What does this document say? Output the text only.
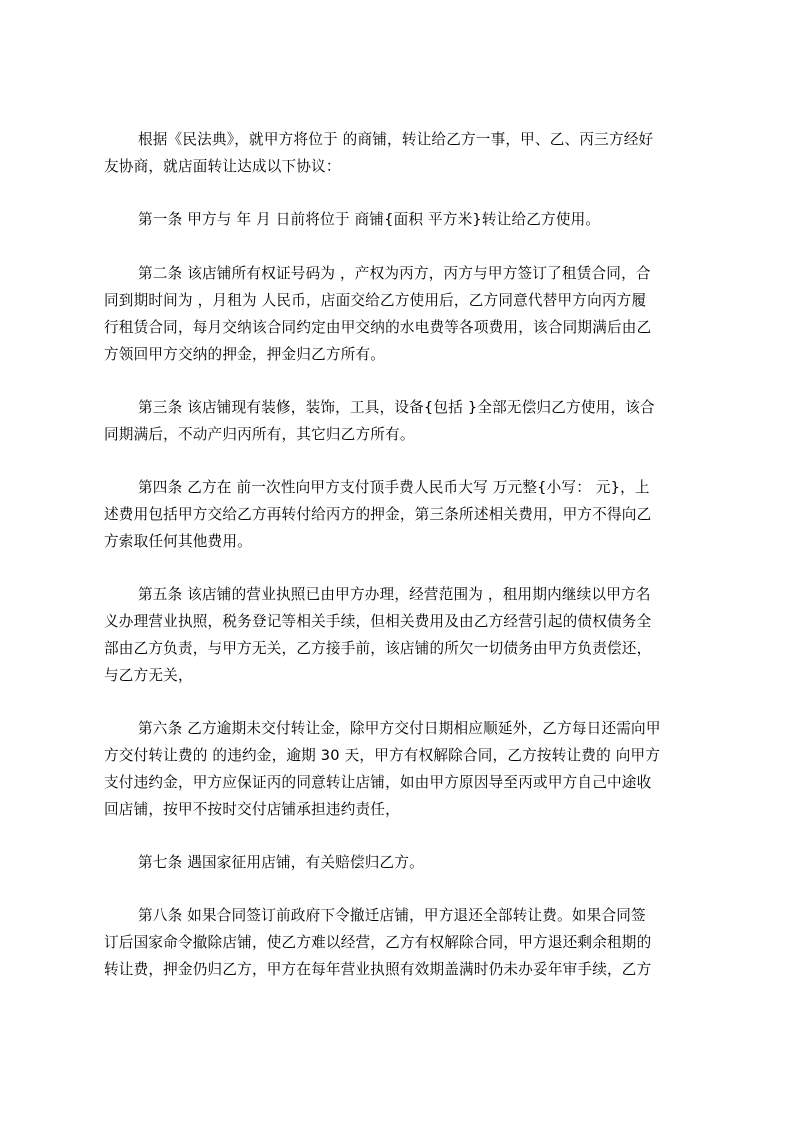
根据《民法典》，就甲方将位于 的商铺，转让给乙方一事，甲、乙、丙三方经好
友协商，就店面转让达成以下协议：
第一条 甲方与 年 月 日前将位于 商铺{面积 平方米}转让给乙方使用。
第二条 该店铺所有权证号码为 ，产权为丙方，丙方与甲方签订了租赁合同，合
同到期时间为 ，月租为 人民币，店面交给乙方使用后，乙方同意代替甲方向丙方履
行租赁合同，每月交纳该合同约定由甲交纳的水电费等各项费用，该合同期满后由乙
方领回甲方交纳的押金，押金归乙方所有。
第三条 该店铺现有装修，装饰，工具，设备{包括 }全部无偿归乙方使用，该合
同期满后，不动产归丙所有，其它归乙方所有。
第四条 乙方在 前一次性向甲方支付顶手费人民币大写 万元整{小写： 元}，上
述费用包括甲方交给乙方再转付给丙方的押金，第三条所述相关费用，甲方不得向乙
方索取任何其他费用。
第五条 该店铺的营业执照已由甲方办理，经营范围为 ，租用期内继续以甲方名
义办理营业执照，税务登记等相关手续，但相关费用及由乙方经营引起的债权债务全
部由乙方负责，与甲方无关，乙方接手前，该店铺的所欠一切债务由甲方负责偿还，
与乙方无关，
第六条 乙方逾期未交付转让金，除甲方交付日期相应顺延外，乙方每日还需向甲
方交付转让费的 的违约金，逾期 30 天，甲方有权解除合同，乙方按转让费的 向甲方
支付违约金，甲方应保证丙的同意转让店铺，如由甲方原因导至丙或甲方自己中途收
回店铺，按甲不按时交付店铺承担违约责任，
第七条 遇国家征用店铺，有关赔偿归乙方。
第八条 如果合同签订前政府下令撤迁店铺，甲方退还全部转让费。如果合同签
订后国家命令撤除店铺，使乙方难以经营，乙方有权解除合同，甲方退还剩余租期的
转让费，押金仍归乙方，甲方在每年营业执照有效期盖满时仍未办妥年审手续，乙方
